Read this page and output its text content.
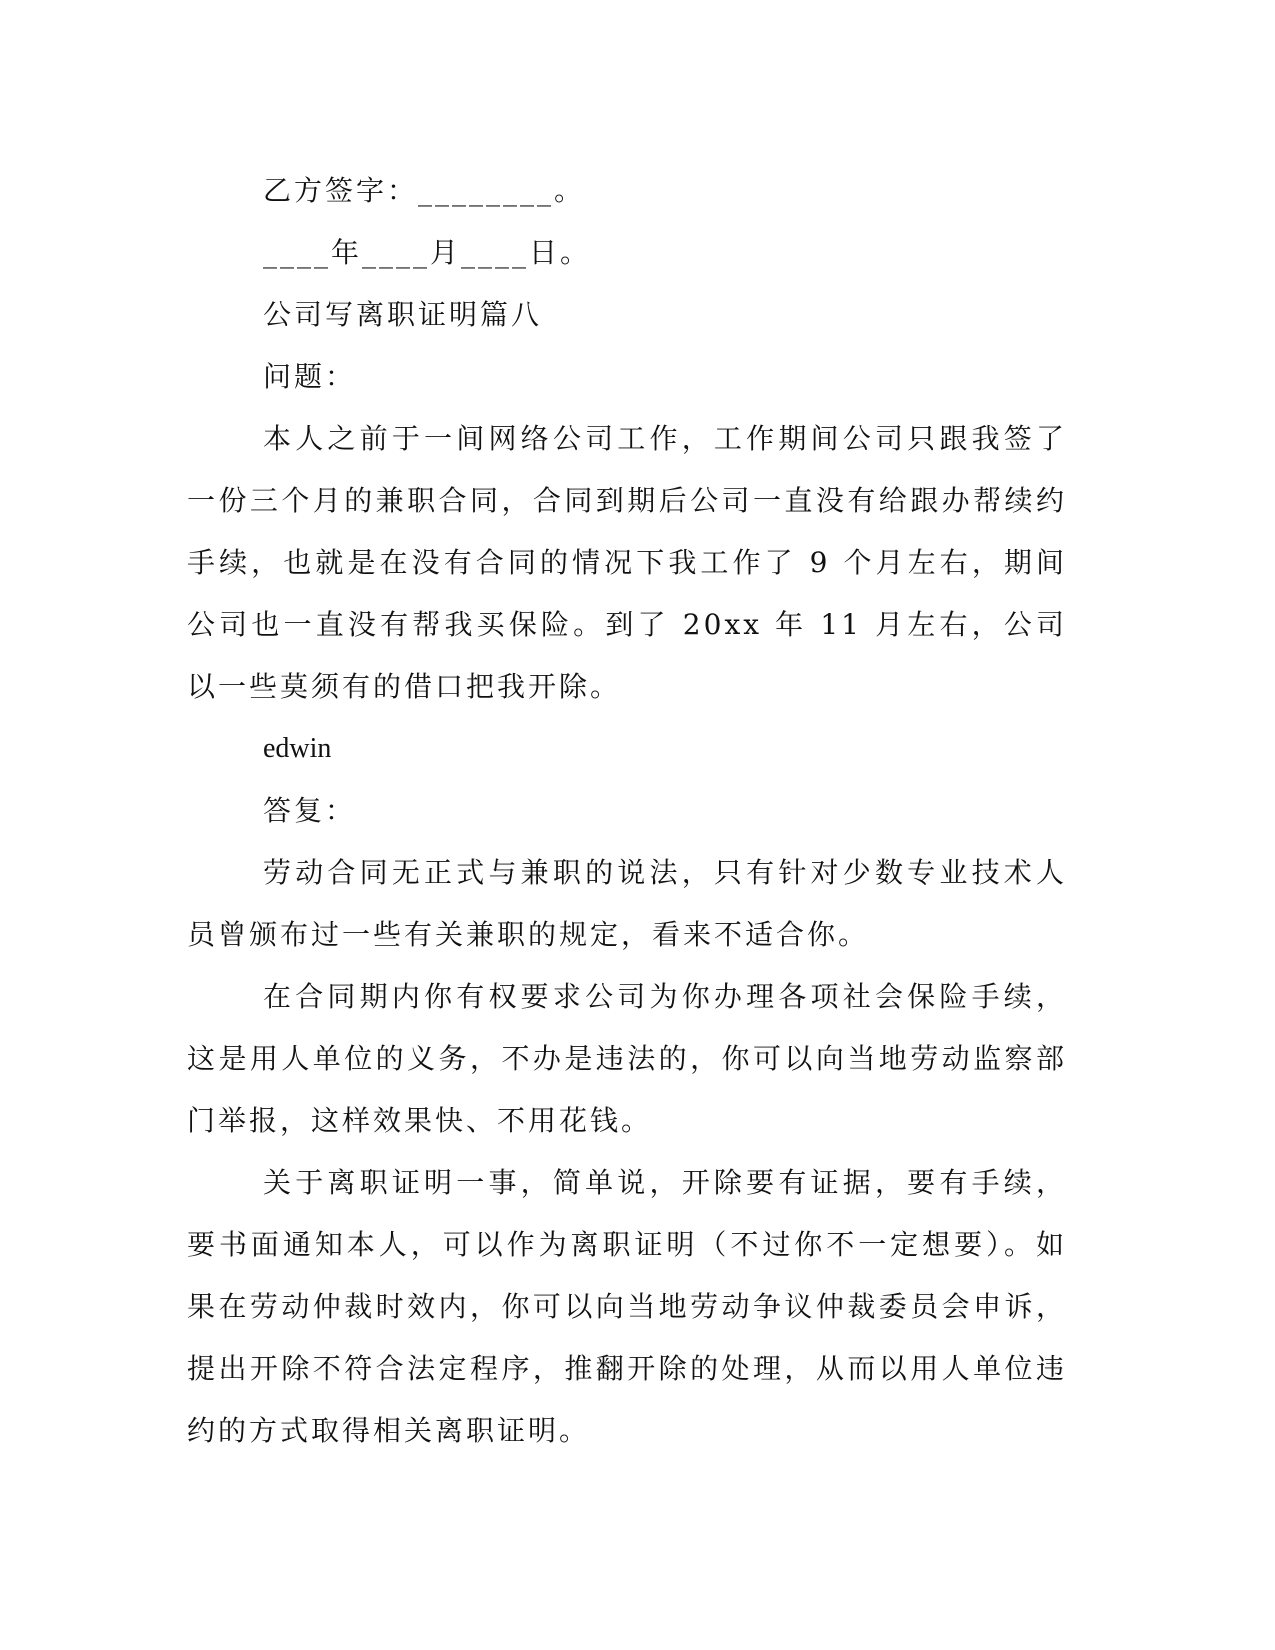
乙方签字：________。

____年____月____日。

公司写离职证明篇八

问题：

本人之前于一间网络公司工作，工作期间公司只跟我签了一份三个月的兼职合同，合同到期后公司一直没有给跟办帮续约手续，也就是在没有合同的情况下我工作了 9 个月左右，期间公司也一直没有帮我买保险。到了 20xx 年 11 月左右，公司以一些莫须有的借口把我开除。

edwin

答复：

劳动合同无正式与兼职的说法，只有针对少数专业技术人员曾颁布过一些有关兼职的规定，看来不适合你。

在合同期内你有权要求公司为你办理各项社会保险手续，这是用人单位的义务，不办是违法的，你可以向当地劳动监察部门举报，这样效果快、不用花钱。

关于离职证明一事，简单说，开除要有证据，要有手续，要书面通知本人，可以作为离职证明（不过你不一定想要）。如果在劳动仲裁时效内，你可以向当地劳动争议仲裁委员会申诉，提出开除不符合法定程序，推翻开除的处理，从而以用人单位违约的方式取得相关离职证明。
